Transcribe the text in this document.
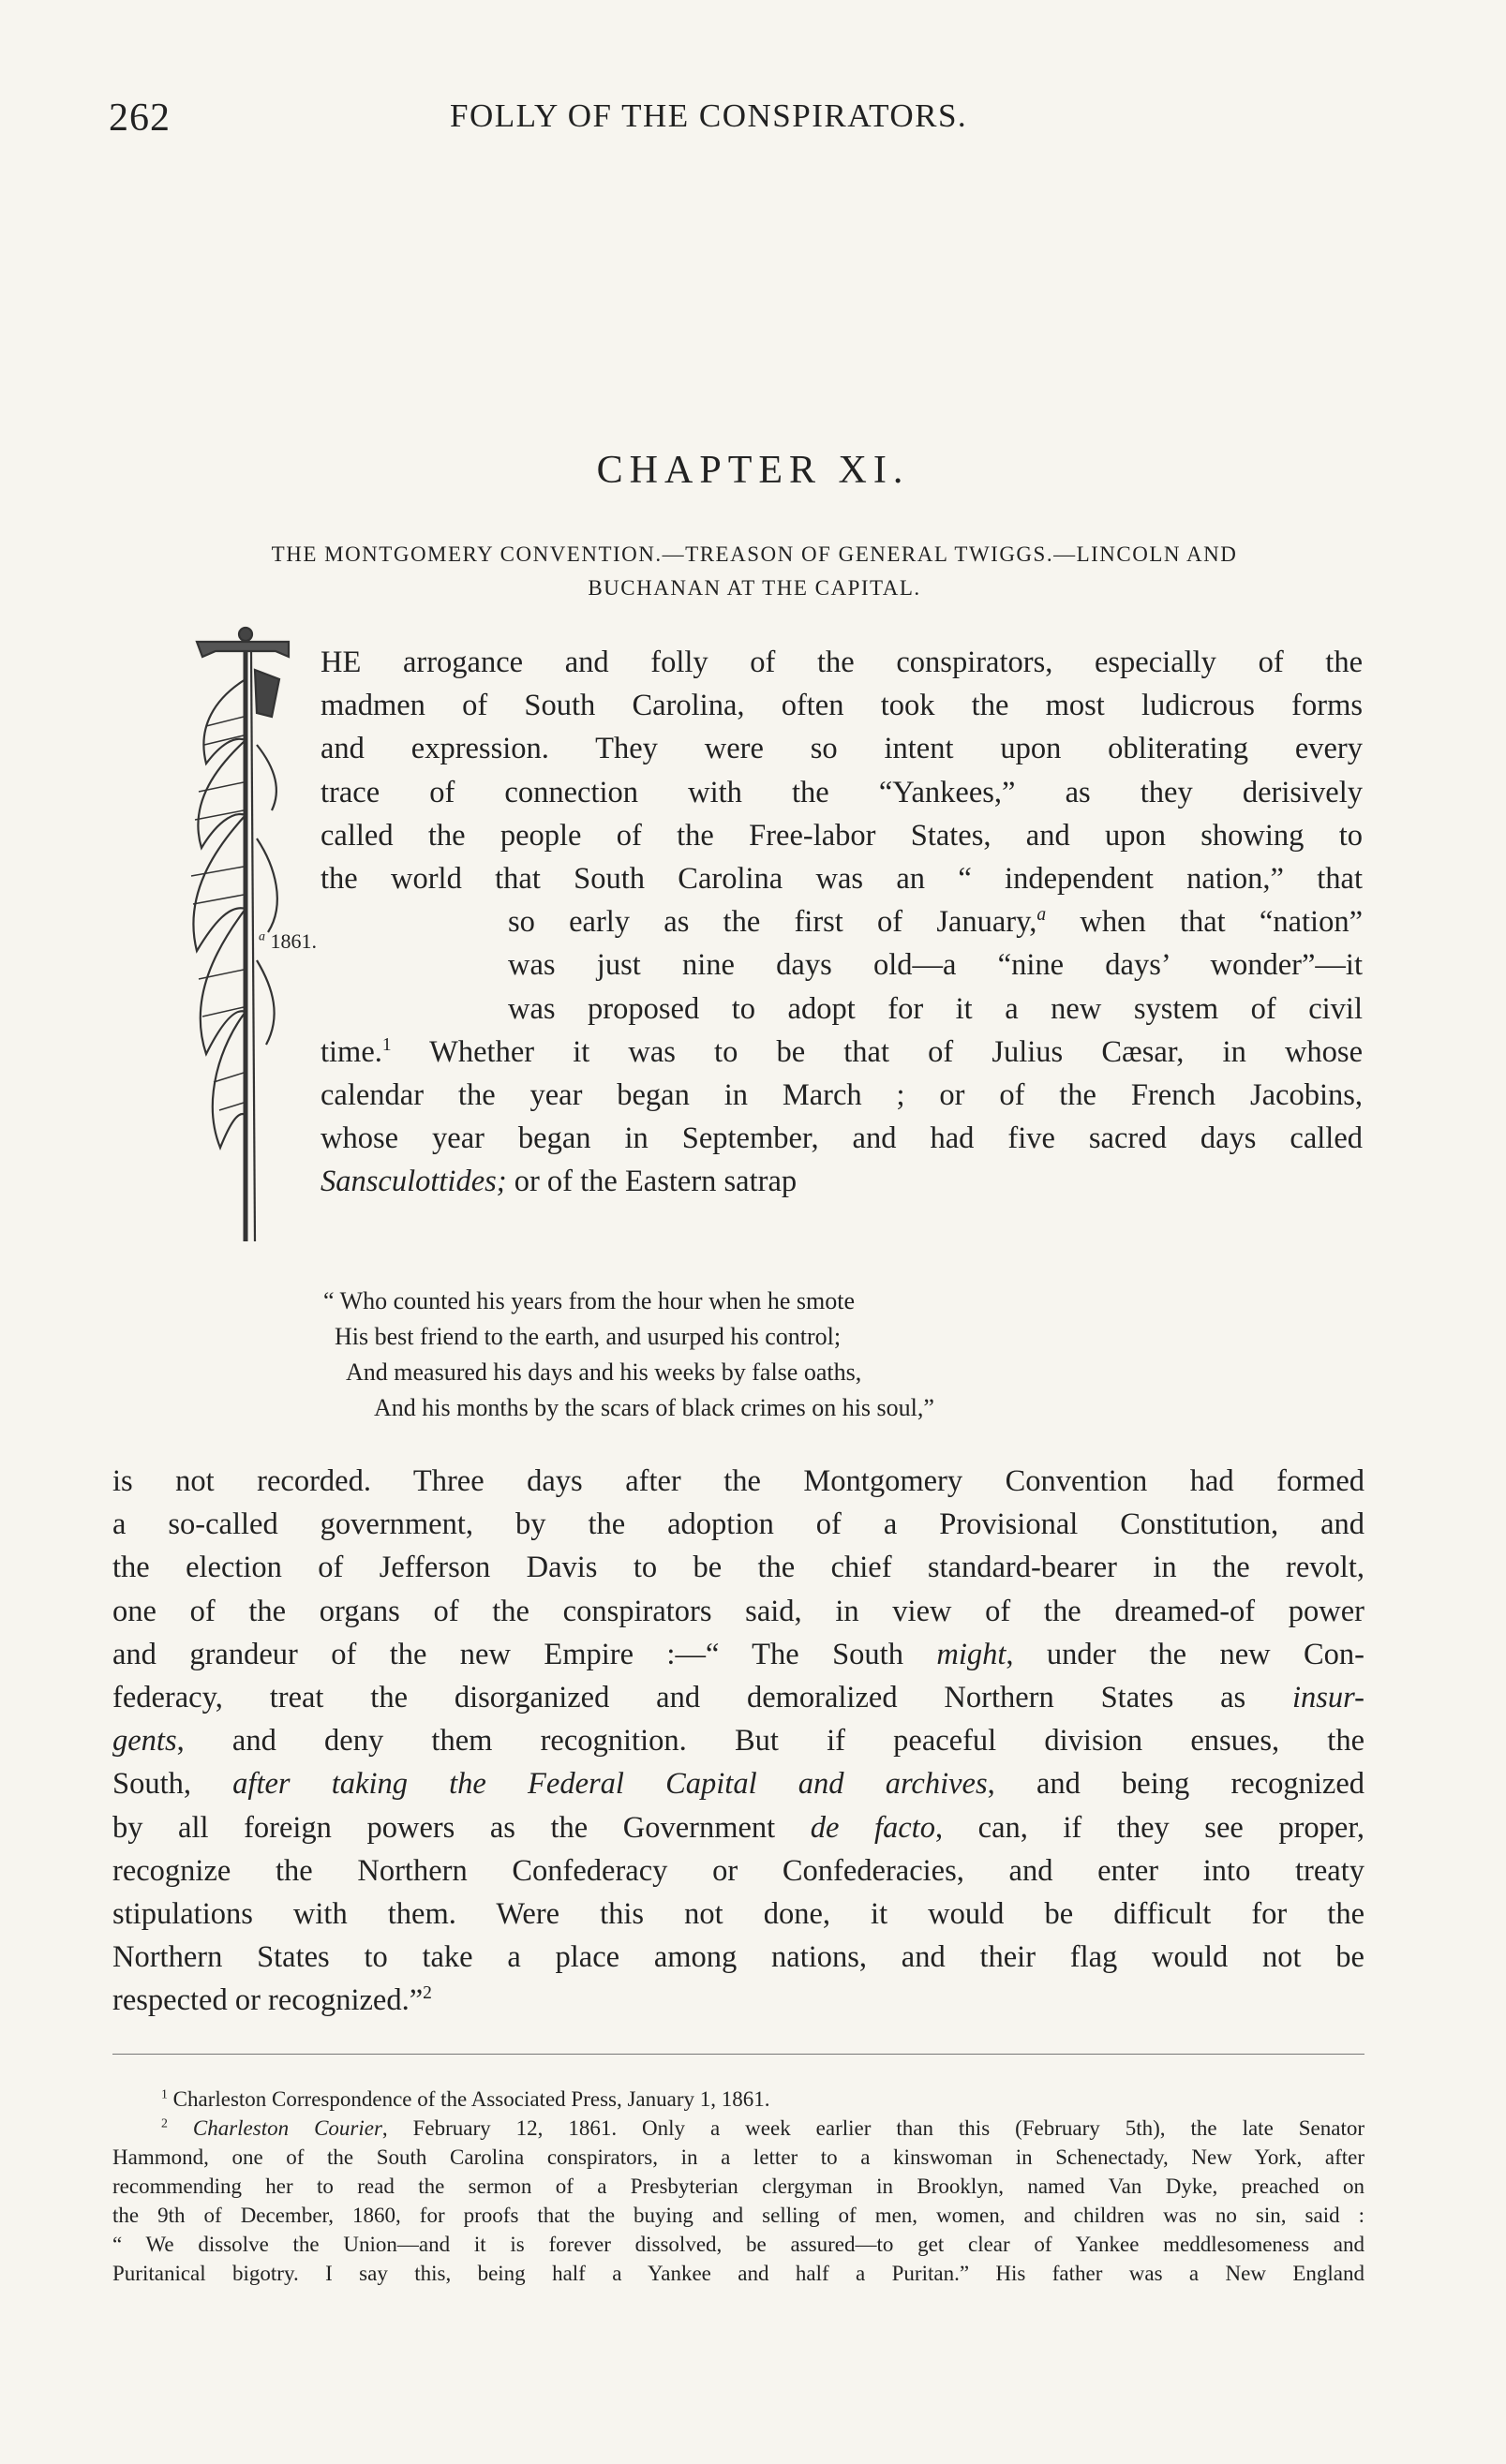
262	FOLLY OF THE CONSPIRATORS.
CHAPTER XI.
THE MONTGOMERY CONVENTION.—TREASON OF GENERAL TWIGGS.—LINCOLN AND
BUCHANAN AT THE CAPITAL.
HE arrogance and folly of the conspirators, especially of the
madmen of South Carolina, often took the most ludicrous forms
and expression. They were so intent upon obliterating every
trace of connection with the “Yankees,” as they derisively
called the people of the Free-labor States, and upon showing to
the world that South Carolina was an “ independent nation,” that
so early as the first of January,$^a$ when that “nation”
was just nine days old—a “nine days’ wonder”—it
was proposed to adopt for it a new system of civil
time.$^1$ Whether it was to be that of Julius Cæsar, in whose
calendar the year began in March ; or of the French Jacobins,
whose year began in September, and had five sacred days called
Sansculottides; or of the Eastern satrap
$^a$ 1861.
“ Who counted his years from the hour when he smote
His best friend to the earth, and usurped his control;
And measured his days and his weeks by false oaths,
And his months by the scars of black crimes on his soul,”
is not recorded. Three days after the Montgomery Convention had formed
a so-called government, by the adoption of a Provisional Constitution, and
the election of Jefferson Davis to be the chief standard-bearer in the revolt,
one of the organs of the conspirators said, in view of the dreamed-of power
and grandeur of the new Empire :—“ The South might, under the new Con-
federacy, treat the disorganized and demoralized Northern States as insur-
gents, and deny them recognition. But if peaceful division ensues, the
South, after taking the Federal Capital and archives, and being recognized
by all foreign powers as the Government de facto, can, if they see proper,
recognize the Northern Confederacy or Confederacies, and enter into treaty
stipulations with them. Were this not done, it would be difficult for the
Northern States to take a place among nations, and their flag would not be
respected or recognized.”$^2$
$^1$ Charleston Correspondence of the Associated Press, January 1, 1861.
$^2$ Charleston Courier, February 12, 1861. Only a week earlier than this (February 5th), the late Senator
Hammond, one of the South Carolina conspirators, in a letter to a kinswoman in Schenectady, New York, after
recommending her to read the sermon of a Presbyterian clergyman in Brooklyn, named Van Dyke, preached on
the 9th of December, 1860, for proofs that the buying and selling of men, women, and children was no sin, said :
“ We dissolve the Union—and it is forever dissolved, be assured—to get clear of Yankee meddlesomeness and
Puritanical bigotry. I say this, being half a Yankee and half a Puritan.” His father was a New England
